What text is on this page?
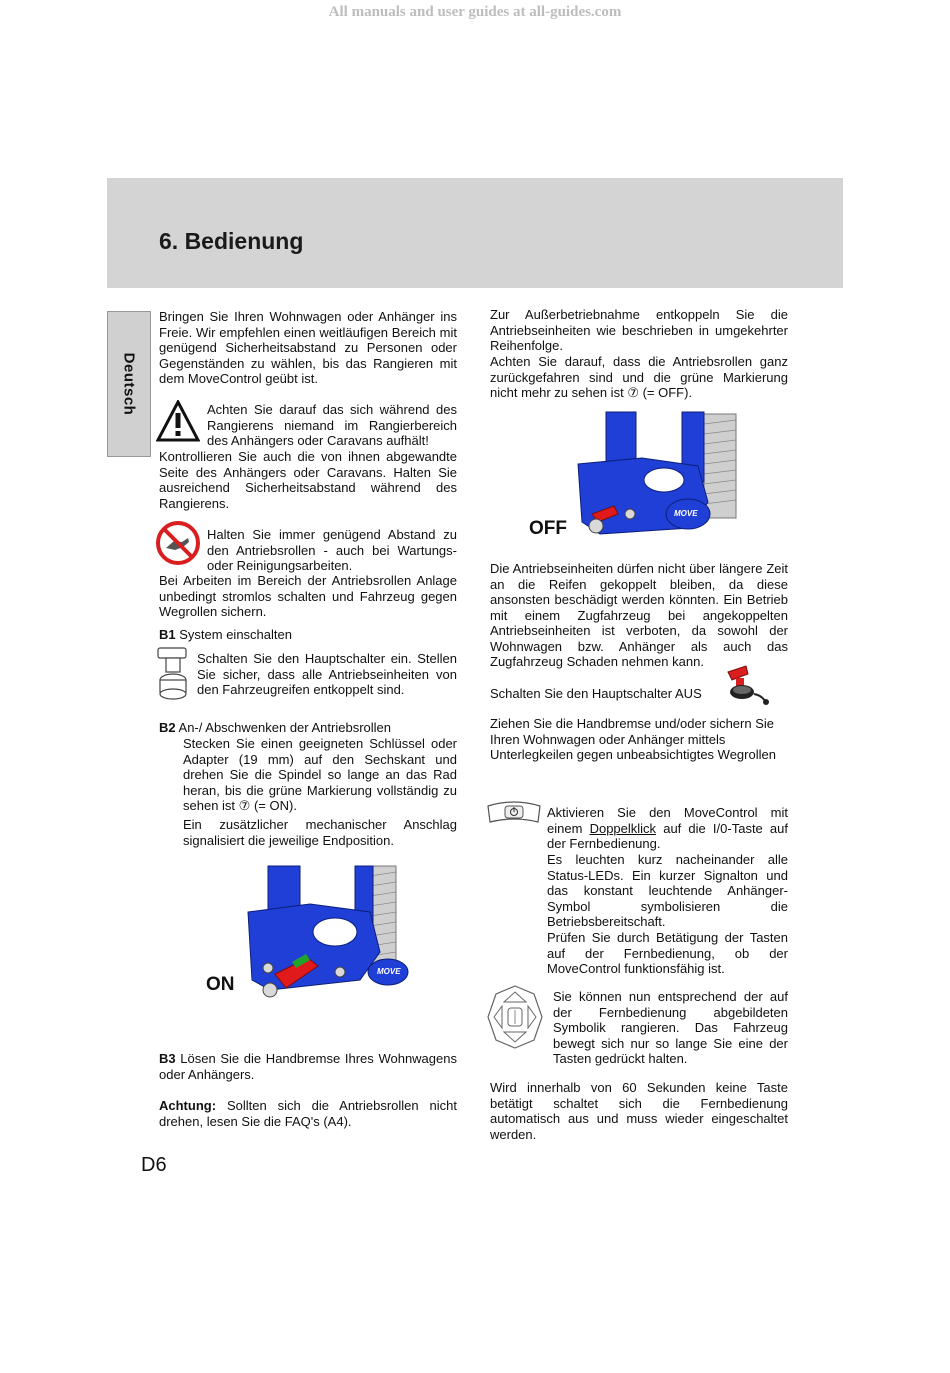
All manuals and user guides at all-guides.com
6. Bedienung
Deutsch

Bringen Sie Ihren Wohnwagen oder Anhänger ins Freie. Wir empfehlen einen weitläufigen Bereich mit genügend Sicherheitsabstand zu Personen oder Gegenständen zu wählen, bis das Rangieren mit dem MoveControl geübt ist.

Achten Sie darauf das sich während des Rangierens niemand im Rangierbereich des Anhängers oder Caravans aufhält!

Kontrollieren Sie auch die von ihnen abgewandte Seite des Anhängers oder Caravans. Halten Sie ausreichend Sicherheitsabstand während des Rangierens.

Halten Sie immer genügend Abstand zu den Antriebsrollen - auch bei Wartungs- oder Reinigungsarbeiten.

Bei Arbeiten im Bereich der Antriebsrollen Anlage unbedingt stromlos schalten und Fahrzeug gegen Wegrollen sichern.

B1 System einschalten

Schalten Sie den Hauptschalter ein. Stellen Sie sicher, dass alle Antriebseinheiten von den Fahrzeugreifen entkoppelt sind.

B2 An-/ Abschwenken der Antriebsrollen

Stecken Sie einen geeigneten Schlüssel oder Adapter (19 mm) auf den Sechskant und drehen Sie die Spindel so lange an das Rad heran, bis die grüne Markierung vollständig zu sehen ist ⑦ (= ON).

Ein zusätzlicher mechanischer Anschlag signalisiert die jeweilige Endposition.

MOVE
ON

B3 Lösen Sie die Handbremse Ihres Wohnwagens oder Anhängers.

Achtung: Sollten sich die Antriebsrollen nicht drehen, lesen Sie die FAQ's (A4).

Zur Außerbetriebnahme entkoppeln Sie die Antriebseinheiten wie beschrieben in umgekehrter Reihenfolge.

Achten Sie darauf, dass die Antriebsrollen ganz zurückgefahren sind und die grüne Markierung nicht mehr zu sehen ist ⑦ (= OFF).

MOVE
OFF

Die Antriebseinheiten dürfen nicht über längere Zeit an die Reifen gekoppelt bleiben, da diese ansonsten beschädigt werden könnten. Ein Betrieb mit einem Zugfahrzeug bei angekoppelten Antriebseinheiten ist verboten, da sowohl der Wohnwagen bzw. Anhänger als auch das Zugfahrzeug Schaden nehmen kann.

Schalten Sie den Hauptschalter AUS

Ziehen Sie die Handbremse und/oder sichern Sie Ihren Wohnwagen oder Anhänger mittels Unterlegkeilen gegen unbeabsichtigtes Wegrollen

Aktivieren Sie den MoveControl mit einem Doppelklick auf die I/0-Taste auf der Fernbedienung.

Es leuchten kurz nacheinander alle Status-LEDs. Ein kurzer Signalton und das konstant leuchtende Anhänger-Symbol symbolisieren die Betriebsbereitschaft.

Prüfen Sie durch Betätigung der Tasten auf der Fernbedienung, ob der MoveControl funktionsfähig ist.

Sie können nun entsprechend der auf der Fernbedienung abgebildeten Symbolik rangieren. Das Fahrzeug bewegt sich nur so lange Sie eine der Tasten gedrückt halten.

Wird innerhalb von 60 Sekunden keine Taste betätigt schaltet sich die Fernbedienung automatisch aus und muss wieder eingeschaltet werden.

D6
